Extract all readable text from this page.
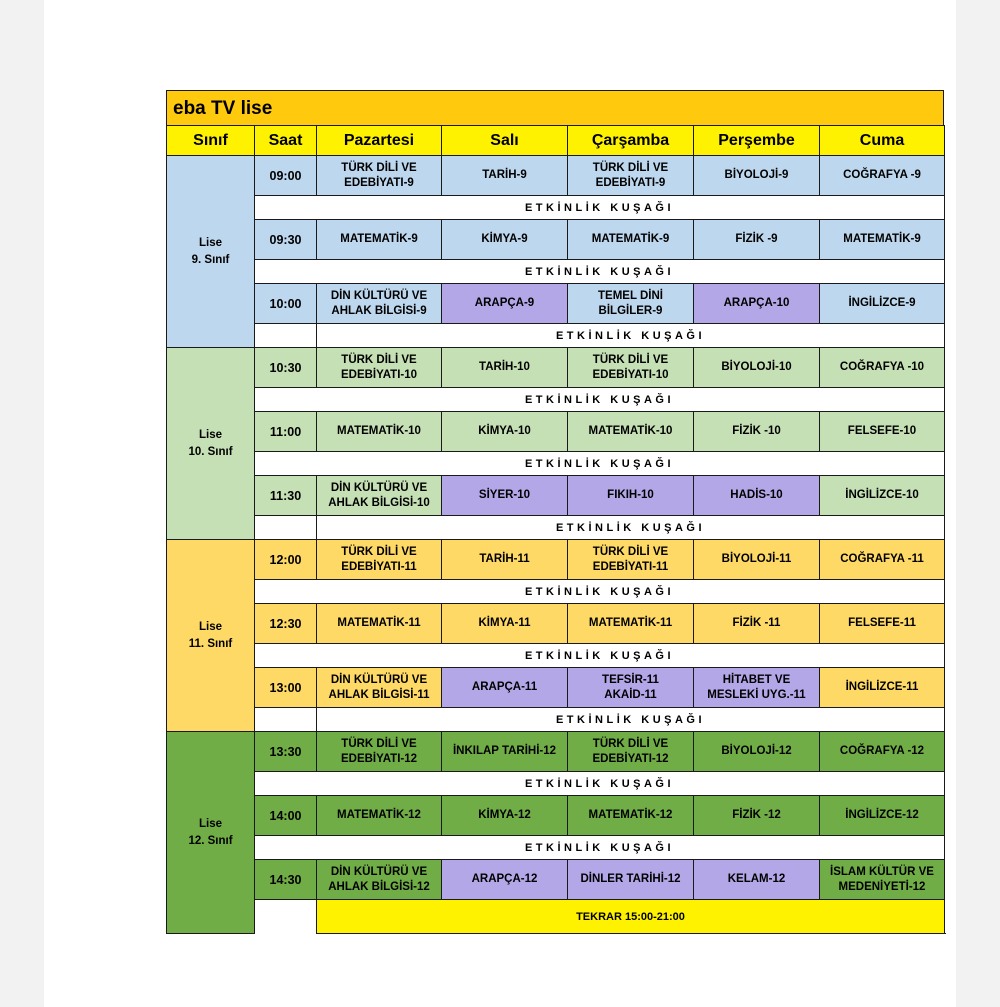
eba TV lise
Sınıf	Saat	Pazartesi	Salı	Çarşamba	Perşembe	Cuma
Lise
9. Sınıf	09:00	TÜRK DİLİ VE
EDEBİYATI-9	TARİH-9	TÜRK DİLİ VE
EDEBİYATI-9	BİYOLOJİ-9	COĞRAFYA -9
	ETKİNLİK KUŞAĞI					
	09:30	MATEMATİK-9	KİMYA-9	MATEMATİK-9	FİZİK -9	MATEMATİK-9
	ETKİNLİK KUŞAĞI					
	10:00	DİN KÜLTÜRÜ VE
AHLAK BİLGİSİ-9	ARAPÇA-9	TEMEL DİNİ
BİLGİLER-9	ARAPÇA-10	İNGİLİZCE-9
		ETKİNLİK KUŞAĞI				
Lise
10. Sınıf	10:30	TÜRK DİLİ VE
EDEBİYATI-10	TARİH-10	TÜRK DİLİ VE
EDEBİYATI-10	BİYOLOJİ-10	COĞRAFYA -10
	ETKİNLİK KUŞAĞI					
	11:00	MATEMATİK-10	KİMYA-10	MATEMATİK-10	FİZİK -10	FELSEFE-10
	ETKİNLİK KUŞAĞI					
	11:30	DİN KÜLTÜRÜ VE
AHLAK BİLGİSİ-10	SİYER-10	FIKIH-10	HADİS-10	İNGİLİZCE-10
		ETKİNLİK KUŞAĞI				
Lise
11. Sınıf	12:00	TÜRK DİLİ VE
EDEBİYATI-11	TARİH-11	TÜRK DİLİ VE
EDEBİYATI-11	BİYOLOJİ-11	COĞRAFYA -11
	ETKİNLİK KUŞAĞI					
	12:30	MATEMATİK-11	KİMYA-11	MATEMATİK-11	FİZİK -11	FELSEFE-11
	ETKİNLİK KUŞAĞI					
	13:00	DİN KÜLTÜRÜ VE
AHLAK BİLGİSİ-11	ARAPÇA-11	TEFSİR-11
AKAİD-11	HİTABET VE
MESLEKİ UYG.-11	İNGİLİZCE-11
		ETKİNLİK KUŞAĞI				
Lise
12. Sınıf	13:30	TÜRK DİLİ VE
EDEBİYATI-12	İNKILAP TARİHİ-12	TÜRK DİLİ VE
EDEBİYATI-12	BİYOLOJİ-12	COĞRAFYA -12
	ETKİNLİK KUŞAĞI					
	14:00	MATEMATİK-12	KİMYA-12	MATEMATİK-12	FİZİK -12	İNGİLİZCE-12
	ETKİNLİK KUŞAĞI					
	14:30	DİN KÜLTÜRÜ VE
AHLAK BİLGİSİ-12	ARAPÇA-12	DİNLER TARİHİ-12	KELAM-12	İSLAM KÜLTÜR VE
MEDENİYETİ-12
		TEKRAR 15:00-21:00				
